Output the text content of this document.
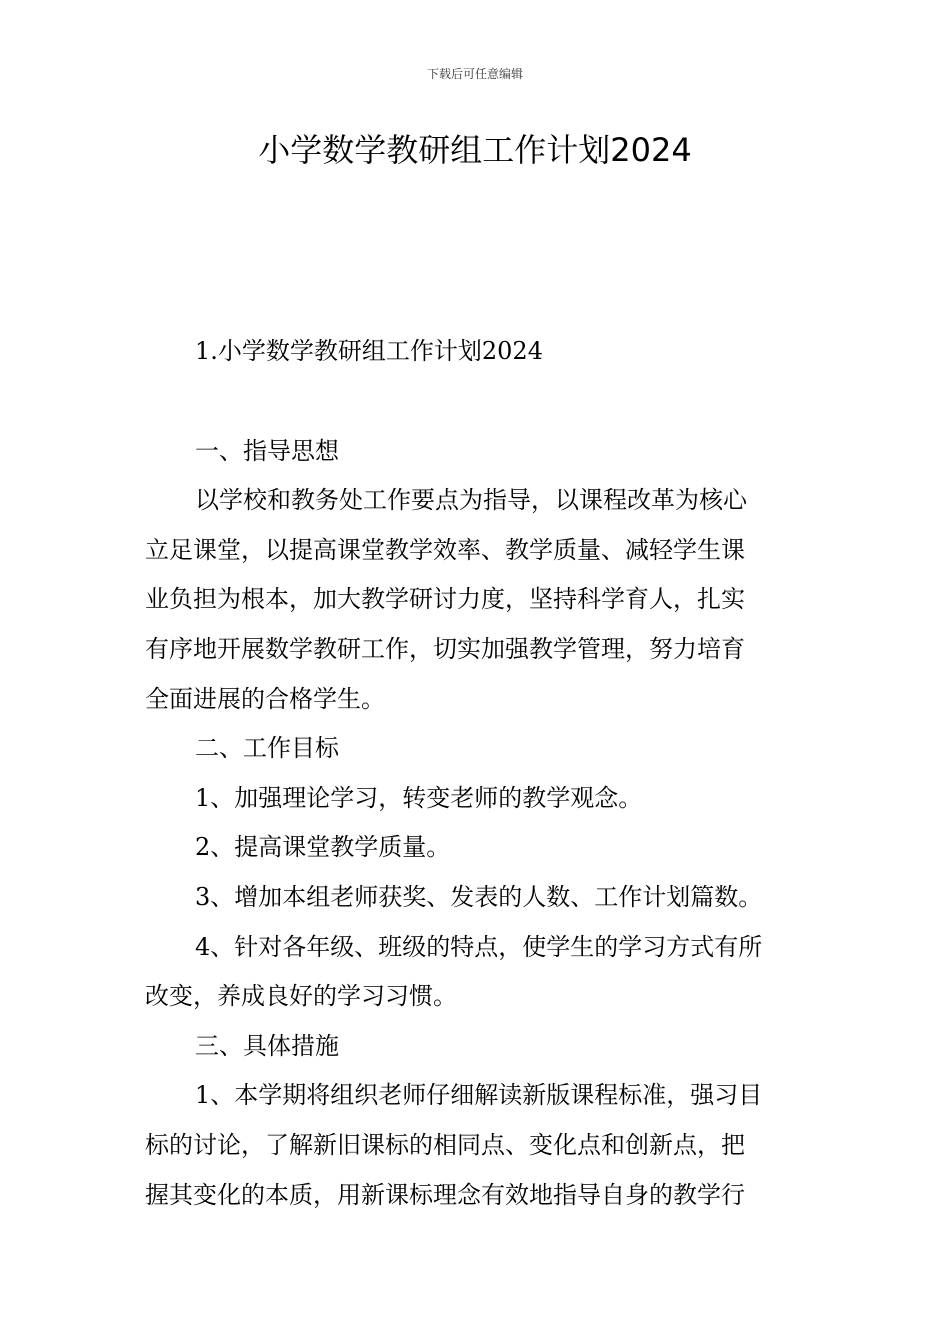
下载后可任意编辑
小学数学教研组工作计划2024

1.小学数学教研组工作计划2024

一、指导思想

以学校和教务处工作要点为指导，以课程改革为核心

立足课堂，以提高课堂教学效率、教学质量、减轻学生课

业负担为根本，加大教学研讨力度，坚持科学育人，扎实

有序地开展数学教研工作，切实加强教学管理，努力培育

全面进展的合格学生。

二、工作目标

1、加强理论学习，转变老师的教学观念。

2、提高课堂教学质量。

3、增加本组老师获奖、发表的人数、工作计划篇数。

4、针对各年级、班级的特点，使学生的学习方式有所

改变，养成良好的学习习惯。

三、具体措施

1、本学期将组织老师仔细解读新版课程标准，强习目

标的讨论，了解新旧课标的相同点、变化点和创新点，把

握其变化的本质，用新课标理念有效地指导自身的教学行
